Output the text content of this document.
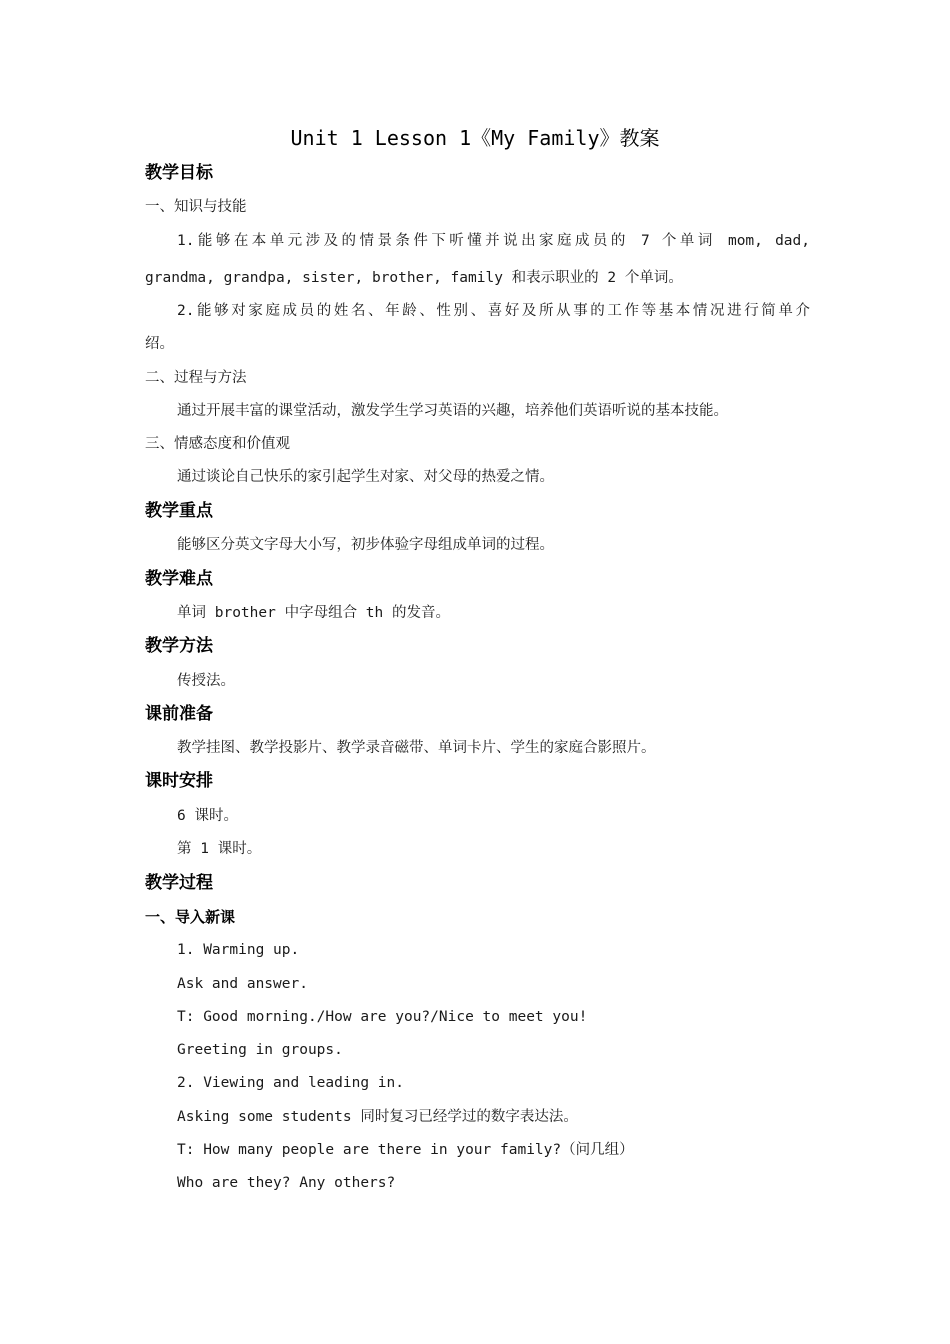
Unit 1 Lesson 1《My Family》教案
教学目标
一、知识与技能
1.能够在本单元涉及的情景条件下听懂并说出家庭成员的 7 个单词 mom, dad,
grandma, grandpa, sister, brother, family 和表示职业的 2 个单词。
2.能够对家庭成员的姓名、年龄、性别、喜好及所从事的工作等基本情况进行简单介
绍。
二、过程与方法
通过开展丰富的课堂活动，激发学生学习英语的兴趣，培养他们英语听说的基本技能。
三、情感态度和价值观
通过谈论自己快乐的家引起学生对家、对父母的热爱之情。
教学重点
能够区分英文字母大小写，初步体验字母组成单词的过程。
教学难点
单词 brother 中字母组合 th 的发音。
教学方法
传授法。
课前准备
教学挂图、教学投影片、教学录音磁带、单词卡片、学生的家庭合影照片。
课时安排
6 课时。
第 1 课时。
教学过程
一、导入新课
1. Warming up.
Ask and answer.
T: Good morning./How are you?/Nice to meet you!
Greeting in groups.
2. Viewing and leading in.
Asking some students 同时复习已经学过的数字表达法。
T: How many people are there in your family?（问几组）
Who are they? Any others?
